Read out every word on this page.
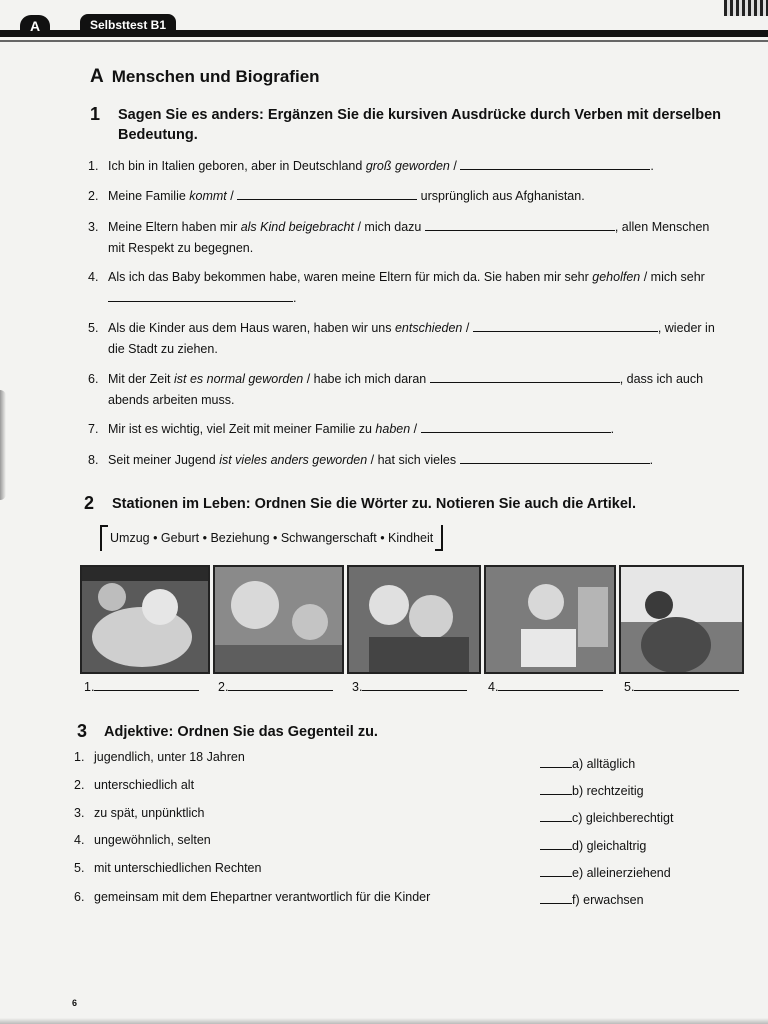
A	Selbsttest B1
A Menschen und Biografien
1 Sagen Sie es anders: Ergänzen Sie die kursiven Ausdrücke durch Verben mit derselben Bedeutung.
1. Ich bin in Italien geboren, aber in Deutschland groß geworden /	.
2. Meine Familie kommt /	ursprünglich aus Afghanistan.
3. Meine Eltern haben mir als Kind beigebracht / mich dazu	, allen Menschen
mit Respekt zu begegnen.
4. Als ich das Baby bekommen habe, waren meine Eltern für mich da. Sie haben mir sehr geholfen / mich sehr
.
5. Als die Kinder aus dem Haus waren, haben wir uns entschieden /	, wieder in
die Stadt zu ziehen.
6. Mit der Zeit ist es normal geworden / habe ich mich daran	, dass ich auch
abends arbeiten muss.
7. Mir ist es wichtig, viel Zeit mit meiner Familie zu haben /	.
8. Seit meiner Jugend ist vieles anders geworden / hat sich vieles	.
2 Stationen im Leben: Ordnen Sie die Wörter zu. Notieren Sie auch die Artikel.
Umzug • Geburt • Beziehung • Schwangerschaft • Kindheit
1.	2.	3.	4.	5.
3 Adjektive: Ordnen Sie das Gegenteil zu.
1. jugendlich, unter 18 Jahren
2. unterschiedlich alt
3. zu spät, unpünktlich
4. ungewöhnlich, selten
5. mit unterschiedlichen Rechten
6. gemeinsam mit dem Ehepartner verantwortlich für die Kinder
a) alltäglich
b) rechtzeitig
c) gleichberechtigt
d) gleichaltrig
e) alleinerziehend
f) erwachsen
6
